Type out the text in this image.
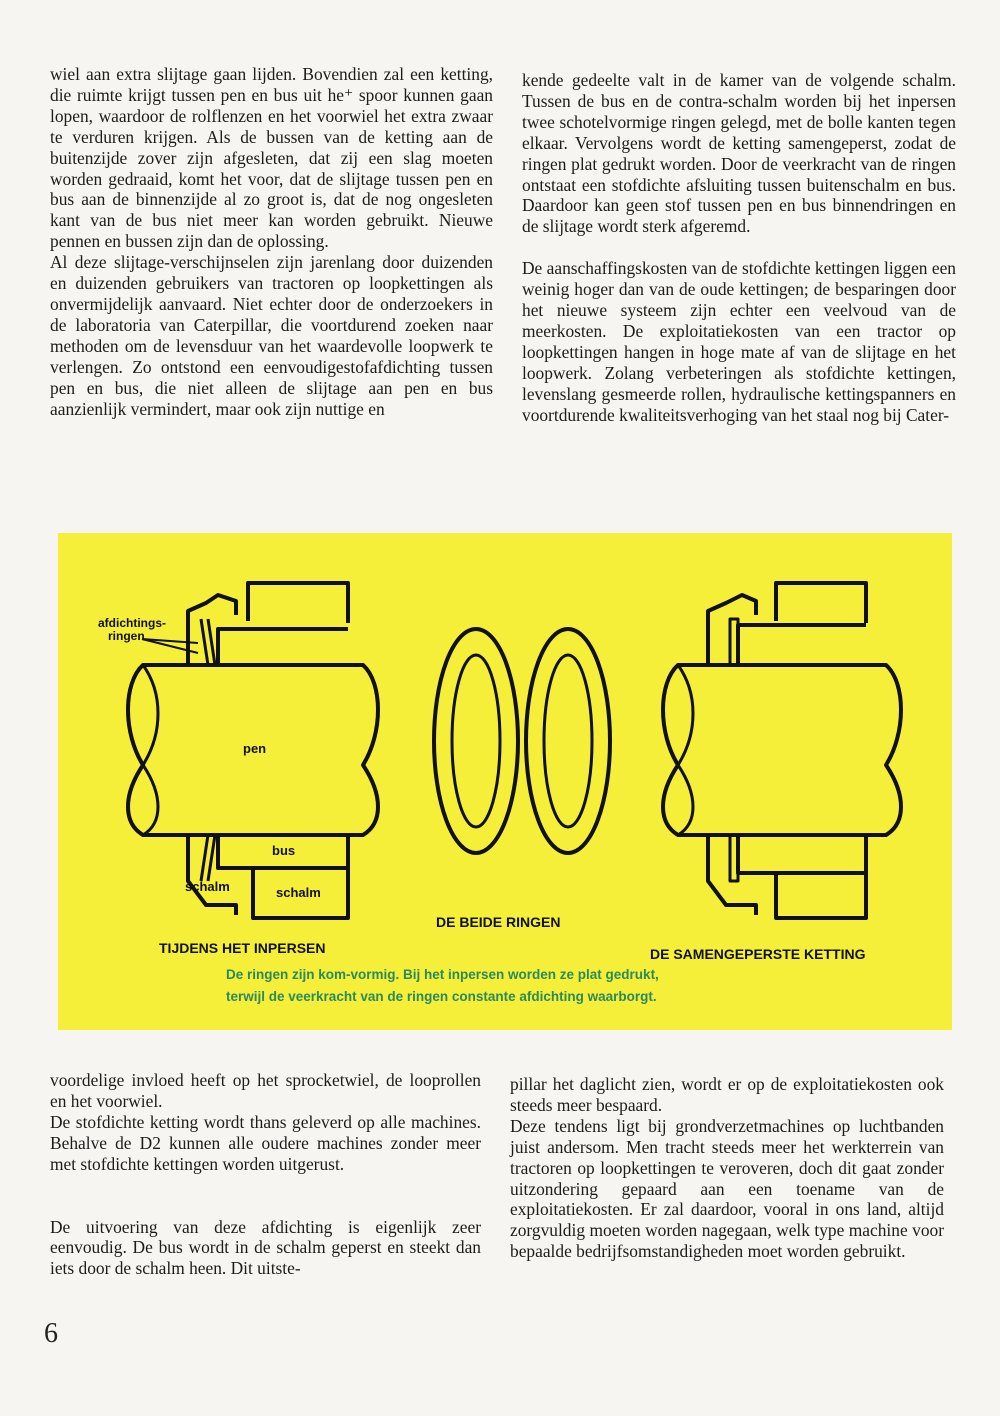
wiel aan extra slijtage gaan lijden. Bovendien zal een ketting, die ruimte krijgt tussen pen en bus uit he⁺ spoor kunnen gaan lopen, waardoor de rolflenzen en het voorwiel het extra zwaar te verduren krijgen. Als de bussen van de ketting aan de buitenzijde zover zijn afgesleten, dat zij een slag moeten worden gedraaid, komt het voor, dat de slijtage tussen pen en bus aan de binnenzijde al zo groot is, dat de nog ongesleten kant van de bus niet meer kan worden gebruikt. Nieuwe pennen en bussen zijn dan de oplossing.

Al deze slijtage-verschijnselen zijn jarenlang door duizenden en duizenden gebruikers van tractoren op loopkettingen als onvermijdelijk aanvaard. Niet echter door de onderzoekers in de laboratoria van Caterpillar, die voortdurend zoeken naar methoden om de levensduur van het waardevolle loopwerk te verlengen. Zo ontstond een eenvoudigestofafdichting tussen pen en bus, die niet alleen de slijtage aan pen en bus aanzienlijk vermindert, maar ook zijn nuttige en

kende gedeelte valt in de kamer van de volgende schalm. Tussen de bus en de contra-schalm worden bij het inpersen twee schotelvormige ringen gelegd, met de bolle kanten tegen elkaar. Vervolgens wordt de ketting samengeperst, zodat de ringen plat gedrukt worden. Door de veerkracht van de ringen ontstaat een stofdichte afsluiting tussen buitenschalm en bus. Daardoor kan geen stof tussen pen en bus binnendringen en de slijtage wordt sterk afgeremd.

De aanschaffingskosten van de stofdichte kettingen liggen een weinig hoger dan van de oude kettingen; de besparingen door het nieuwe systeem zijn echter een veelvoud van de meerkosten. De exploitatiekosten van een tractor op loopkettingen hangen in hoge mate af van de slijtage en het loopwerk. Zolang verbeteringen als stofdichte kettingen, levenslang gesmeerde rollen, hydraulische kettingspanners en voortdurende kwaliteitsverhoging van het staal nog bij Cater-

afdichtings-
ringen
pen
bus
schalm	schalm
TIJDENS HET INPERSEN
DE BEIDE RINGEN
DE SAMENGEPERSTE KETTING
De ringen zijn kom-vormig. Bij het inpersen worden ze plat gedrukt,
terwijl de veerkracht van de ringen constante afdichting waarborgt.

voordelige invloed heeft op het sprocketwiel, de looprollen en het voorwiel.

De stofdichte ketting wordt thans geleverd op alle machines. Behalve de D2 kunnen alle oudere machines zonder meer met stofdichte kettingen worden uitgerust.

De uitvoering van deze afdichting is eigenlijk zeer eenvoudig. De bus wordt in de schalm geperst en steekt dan iets door de schalm heen. Dit uitste-

pillar het daglicht zien, wordt er op de exploitatiekosten ook steeds meer bespaard.

Deze tendens ligt bij grondverzetmachines op luchtbanden juist andersom. Men tracht steeds meer het werkterrein van tractoren op loopkettingen te veroveren, doch dit gaat zonder uitzondering gepaard aan een toename van de exploitatiekosten. Er zal daardoor, vooral in ons land, altijd zorgvuldig moeten worden nagegaan, welk type machine voor bepaalde bedrijfsomstandigheden moet worden gebruikt.

6
